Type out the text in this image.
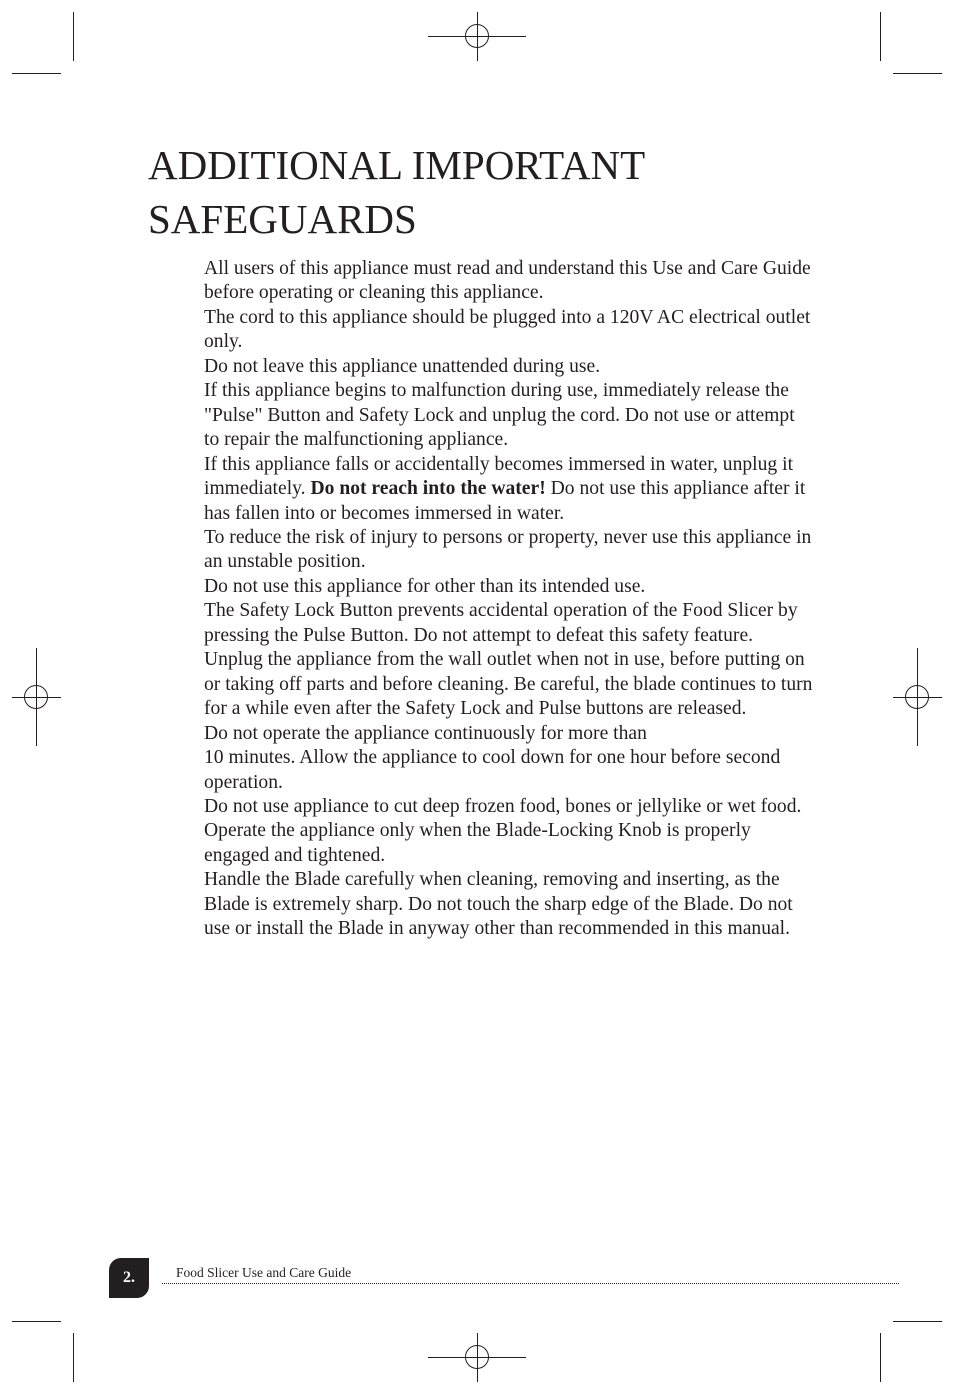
ADDITIONAL IMPORTANT
SAFEGUARDS

All users of this appliance must read and understand this Use and Care Guide before operating or cleaning this appliance.

The cord to this appliance should be plugged into a 120V AC electrical outlet only.

Do not leave this appliance unattended during use.

If this appliance begins to malfunction during use, immediately release the "Pulse" Button and Safety Lock and unplug the cord. Do not use or attempt to repair the malfunctioning appliance.

If this appliance falls or accidentally becomes immersed in water, unplug it immediately. Do not reach into the water! Do not use this appliance after it has fallen into or becomes immersed in water.

To reduce the risk of injury to persons or property, never use this appliance in an unstable position.

Do not use this appliance for other than its intended use.

The Safety Lock Button prevents accidental operation of the Food Slicer by pressing the Pulse Button. Do not attempt to defeat this safety feature.

Unplug the appliance from the wall outlet when not in use, before putting on or taking off parts and before cleaning. Be careful, the blade continues to turn for a while even after the Safety Lock and Pulse buttons are released.

Do not operate the appliance continuously for more than
10 minutes. Allow the appliance to cool down for one hour before second operation.

Do not use appliance to cut deep frozen food, bones or jellylike or wet food.

Operate the appliance only when the Blade-Locking Knob is properly engaged and tightened.

Handle the Blade carefully when cleaning, removing and inserting, as the Blade is extremely sharp. Do not touch the sharp edge of the Blade. Do not use or install the Blade in anyway other than recommended in this manual.

2.	Food Slicer Use and Care Guide
